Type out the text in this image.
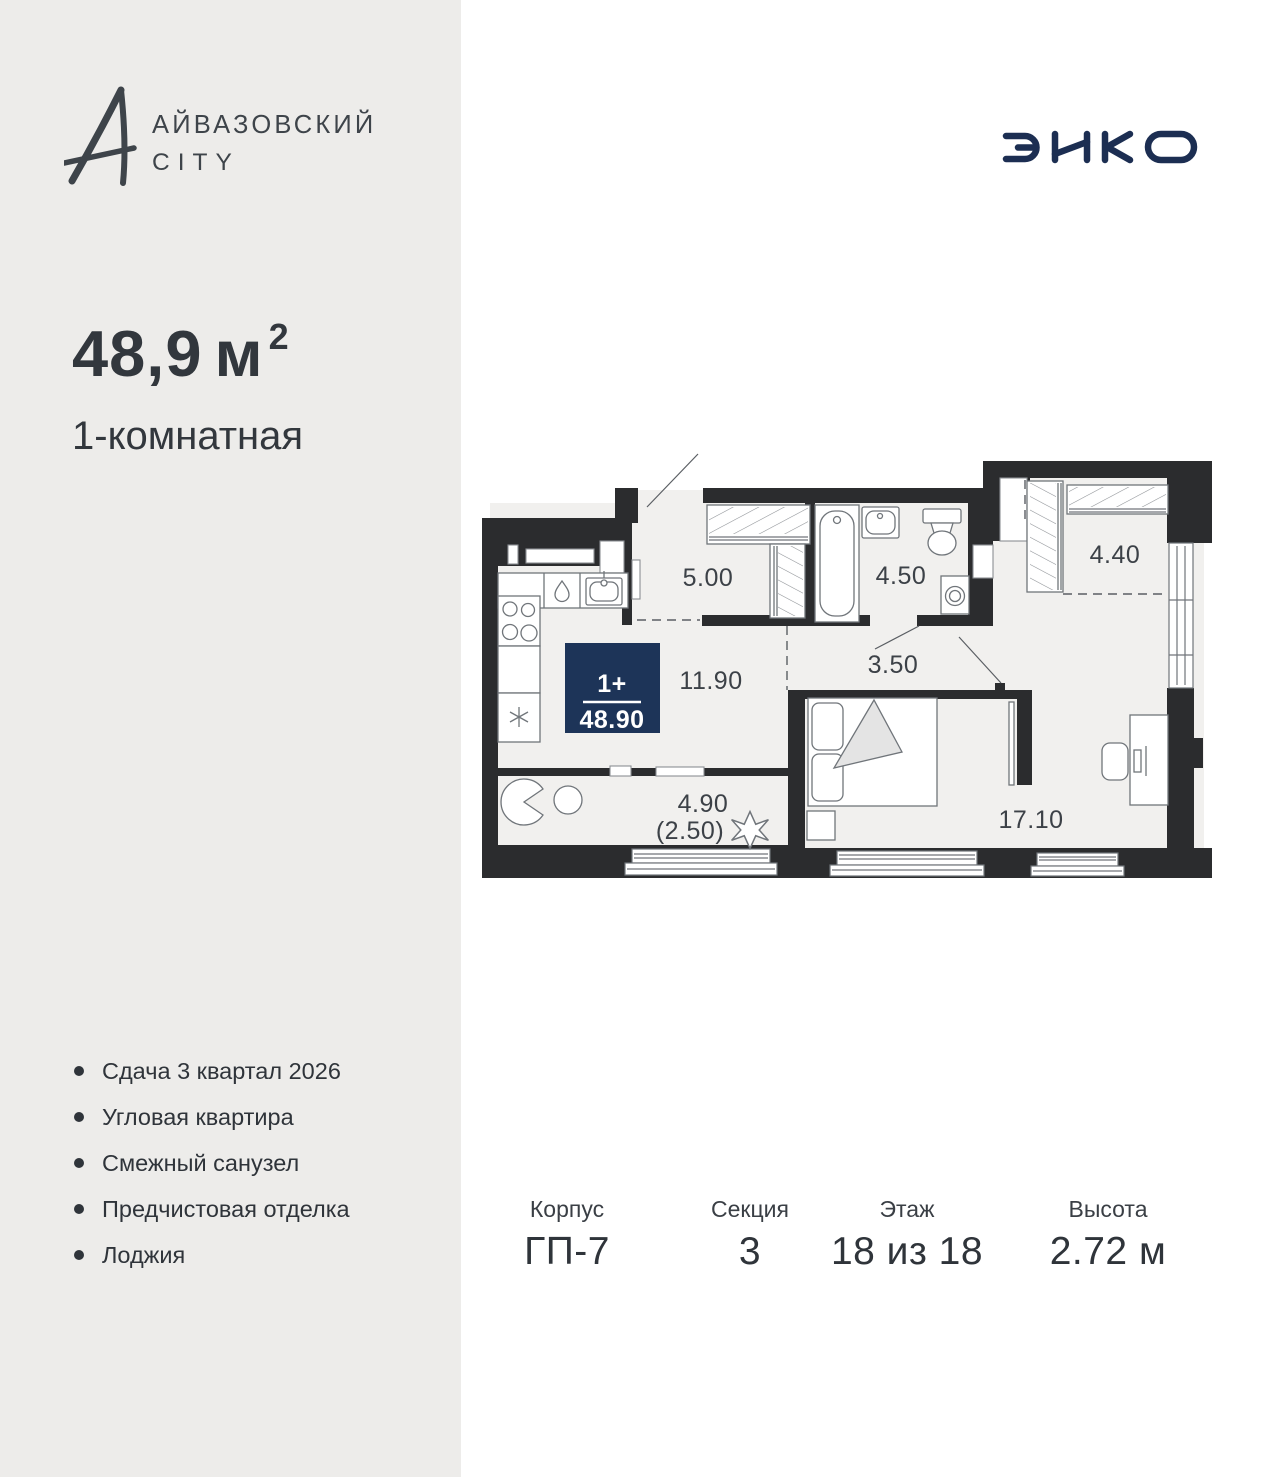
АЙВАЗОВСКИЙ
CITY
48,9 м $^2$
1-комнатная
1+
48.90
5.00	4.50
4.40
11.90
3.50
17.10
4.90
(2.50)
Сдача 3 квартал 2026
Угловая квартира
Смежный санузел
Предчистовая отделка
Лоджия
Корпус
ГП-7
Секция
3
Этаж
18 из 18
Высота
2.72 м
